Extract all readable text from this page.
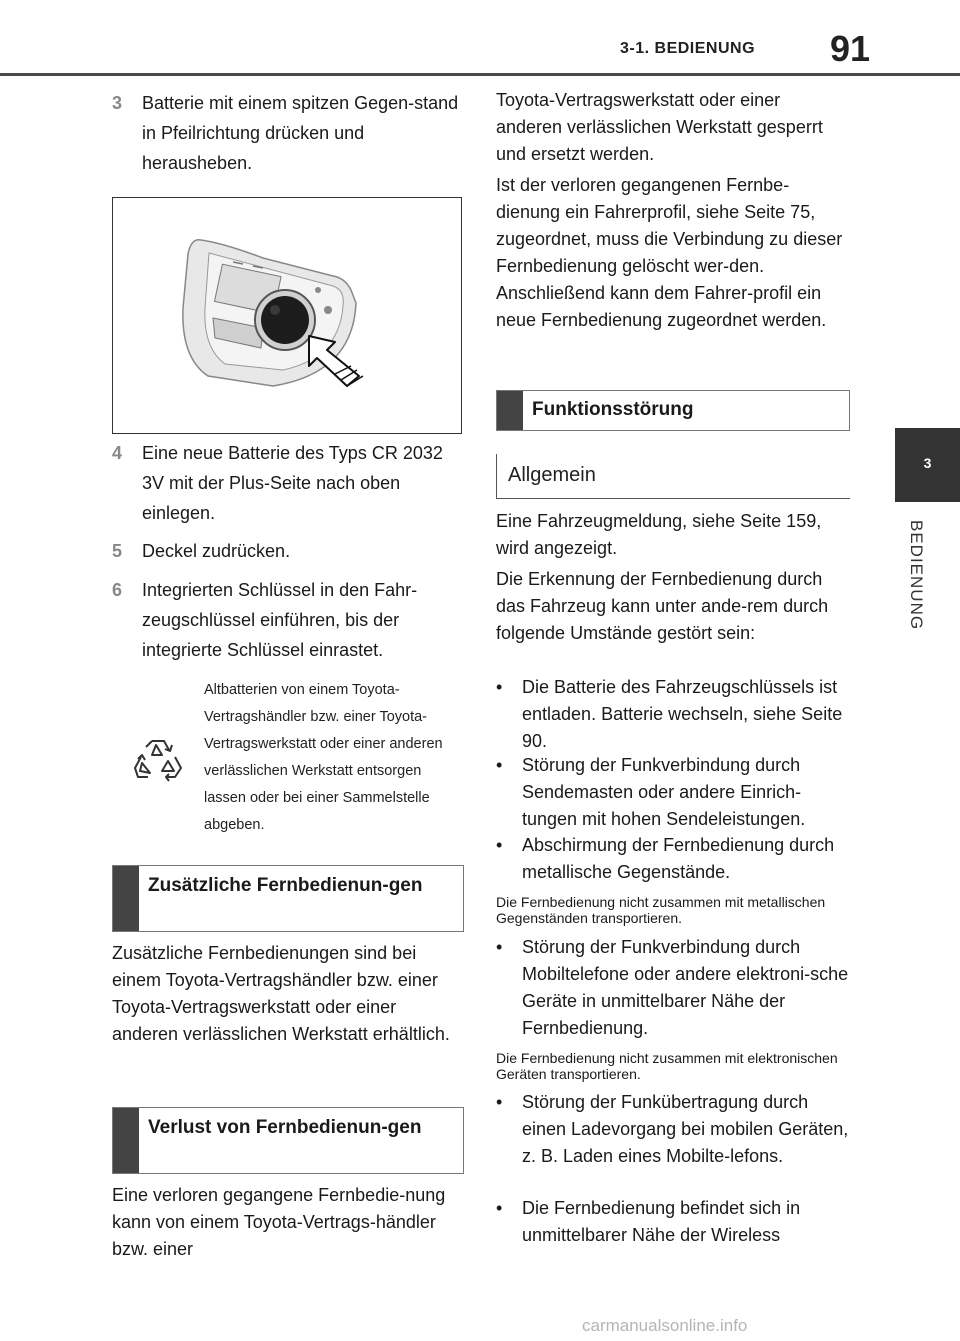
3-1. BEDIENUNG 91
3
BEDIENUNG
3 Batterie mit einem spitzen Gegen-stand in Pfeilrichtung drücken und herausheben.
4 Eine neue Batterie des Typs CR 2032 3V mit der Plus-Seite nach oben einlegen.
5 Deckel zudrücken.
6 Integrierten Schlüssel in den Fahr-zeugschlüssel einführen, bis der integrierte Schlüssel einrastet.
Altbatterien von einem Toyota-Vertragshändler bzw. einer Toyota-Vertragswerkstatt oder einer anderen verlässlichen Werkstatt entsorgen lassen oder bei einer Sammelstelle abgeben.
Zusätzliche Fernbedienun-gen
Zusätzliche Fernbedienungen sind bei einem Toyota-Vertragshändler bzw. einer Toyota-Vertragswerkstatt oder einer anderen verlässlichen Werkstatt erhältlich.
Verlust von Fernbedienun-gen
Eine verloren gegangene Fernbedie-nung kann von einem Toyota-Vertrags-händler bzw. einer
Toyota-Vertragswerkstatt oder einer anderen verlässlichen Werkstatt gesperrt und ersetzt werden.
Ist der verloren gegangenen Fernbe-dienung ein Fahrerprofil, siehe Seite 75, zugeordnet, muss die Verbindung zu dieser Fernbedienung gelöscht wer-den. Anschließend kann dem Fahrer-profil ein neue Fernbedienung zugeordnet werden.
Funktionsstörung
Allgemein
Eine Fahrzeugmeldung, siehe Seite 159, wird angezeigt.
Die Erkennung der Fernbedienung durch das Fahrzeug kann unter ande-rem durch folgende Umstände gestört sein:
• Die Batterie des Fahrzeugschlüssels ist entladen. Batterie wechseln, siehe Seite 90.
• Störung der Funkverbindung durch Sendemasten oder andere Einrich-tungen mit hohen Sendeleistungen.
• Abschirmung der Fernbedienung durch metallische Gegenstände.
Die Fernbedienung nicht zusammen mit metallischen Gegenständen transportieren.
• Störung der Funkverbindung durch Mobiltelefone oder andere elektroni-sche Geräte in unmittelbarer Nähe der Fernbedienung.
Die Fernbedienung nicht zusammen mit elektronischen Geräten transportieren.
• Störung der Funkübertragung durch einen Ladevorgang bei mobilen Geräten, z. B. Laden eines Mobilte-lefons.
• Die Fernbedienung befindet sich in unmittelbarer Nähe der Wireless
carmanualsonline.info
